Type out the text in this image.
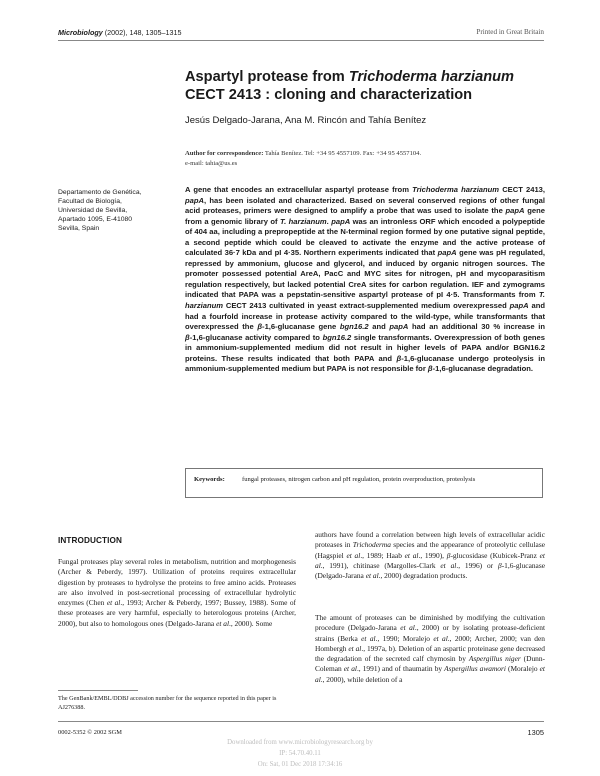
Microbiology (2002), 148, 1305–1315	Printed in Great Britain
Aspartyl protease from Trichoderma harzianum
CECT 2413 : cloning and characterization
Jesús Delgado-Jarana, Ana M. Rincón and Tahía Benítez
Author for correspondence: Tahía Benítez. Tel: +34 95 4557109. Fax: +34 95 4557104.
e-mail: tahia@us.es
Departamento de Genética,
Facultad de Biología,
Universidad de Sevilla,
Apartado 1095, E-41080
Sevilla, Spain
A gene that encodes an extracellular aspartyl protease from Trichoderma harzianum CECT 2413, papA, has been isolated and characterized. Based on several conserved regions of other fungal acid proteases, primers were designed to amplify a probe that was used to isolate the papA gene from a genomic library of T. harzianum. papA was an intronless ORF which encoded a polypeptide of 404 aa, including a prepropeptide at the N-terminal region formed by one putative signal peptide, a second peptide which could be cleaved to activate the enzyme and the active protease of calculated 36·7 kDa and pI 4·35. Northern experiments indicated that papA gene was pH regulated, repressed by ammonium, glucose and glycerol, and induced by organic nitrogen sources. The promoter possessed potential AreA, PacC and MYC sites for nitrogen, pH and mycoparasitism regulation respectively, but lacked potential CreA sites for carbon regulation. IEF and zymograms indicated that PAPA was a pepstatin-sensitive aspartyl protease of pI 4·5. Transformants from T. harzianum CECT 2413 cultivated in yeast extract-supplemented medium overexpressed papA and had a fourfold increase in protease activity compared to the wild-type, while transformants that overexpressed the β-1,6-glucanase gene bgn16.2 and papA had an additional 30 % increase in β-1,6-glucanase activity compared to bgn16.2 single transformants. Overexpression of both genes in ammonium-supplemented medium did not result in higher levels of PAPA and/or BGN16.2 proteins. These results indicated that both PAPA and β-1,6-glucanase undergo proteolysis in ammonium-supplemented medium but PAPA is not responsible for β-1,6-glucanase degradation.
Keywords:	fungal proteases, nitrogen carbon and pH regulation, protein overproduction, proteolysis
INTRODUCTION
Fungal proteases play several roles in metabolism, nutrition and morphogenesis (Archer & Peberdy, 1997). Utilization of proteins requires extracellular digestion by proteases to hydrolyse the proteins to free amino acids. Proteases are also involved in post-secretional processing of extracellular hydrolytic enzymes (Chen et al., 1993; Archer & Peberdy, 1997; Bussey, 1988). Some of these proteases are very harmful, especially to heterologous proteins (Archer, 2000), but also to homologous ones (Delgado-Jarana et al., 2000). Some
authors have found a correlation between high levels of extracellular acidic proteases in Trichoderma species and the appearance of proteolytic cellulase (Hagspiel et al., 1989; Haab et al., 1990), β-glucosidase (Kubicek-Pranz et al., 1991), chitinase (Margolles-Clark et al., 1996) or β-1,6-glucanase (Delgado-Jarana et al., 2000) degradation products.
The amount of proteases can be diminished by modifying the cultivation procedure (Delgado-Jarana et al., 2000) or by isolating protease-deficient strains (Berka et al., 1990; Moralejo et al., 2000; Archer, 2000; van den Hombergh et al., 1997a, b). Deletion of an aspartic proteinase gene decreased the degradation of the secreted calf chymosin by Aspergillus niger (Dunn-Coleman et al., 1991) and of thaumatin by Aspergillus awamori (Moralejo et al., 2000), while deletion of a
The GenBank/EMBL/DDBJ accession number for the sequence reported in this paper is AJ276388.
0002-5352 © 2002 SGM	1305
Downloaded from www.microbiologyresearch.org by
IP: 54.70.40.11
On: Sat, 01 Dec 2018 17:34:16
